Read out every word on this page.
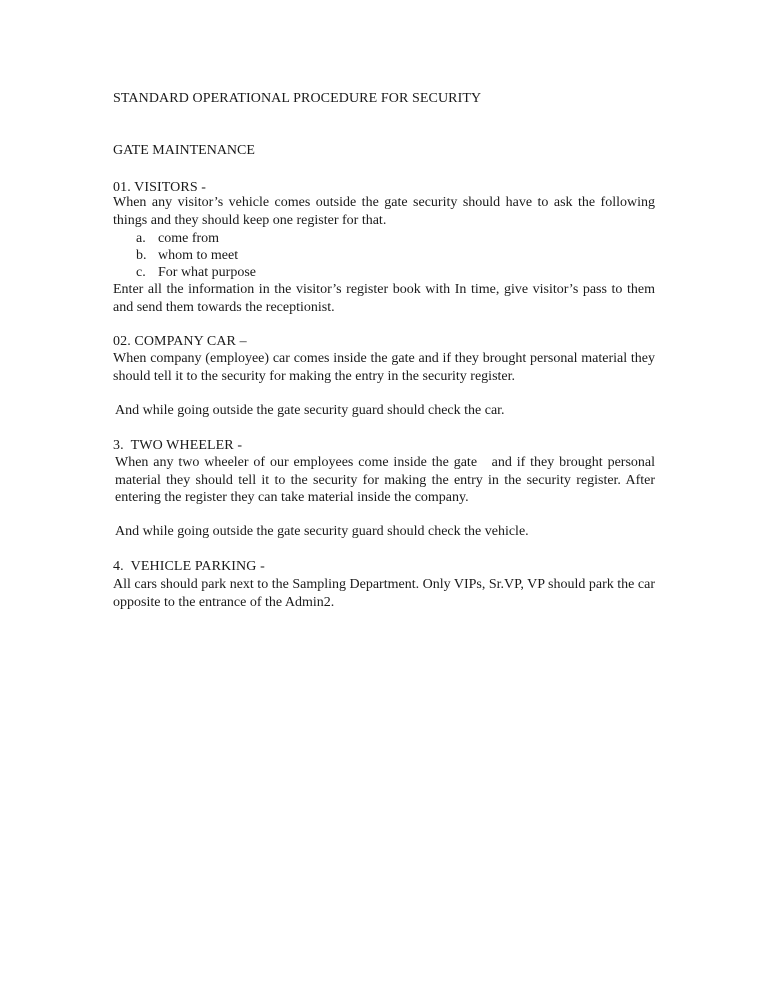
STANDARD OPERATIONAL PROCEDURE FOR SECURITY
GATE MAINTENANCE
01. VISITORS -
When any visitor’s vehicle comes outside the gate security should have to ask the following things and they should keep one register for that.
a. come from
b. whom to meet
c. For what purpose
Enter all the information in the visitor’s register book with In time, give visitor’s pass to them and send them towards the receptionist.
02. COMPANY CAR –
When company (employee) car comes inside the gate and if they brought personal material they should tell it to the security for making the entry in the security register.
And while going outside the gate security guard should check the car.
3.  TWO WHEELER -
When any two wheeler of our employees come inside the gate   and if they brought personal material they should tell it to the security for making the entry in the security register. After entering the register they can take material inside the company.
And while going outside the gate security guard should check the vehicle.
4.  VEHICLE PARKING -
All cars should park next to the Sampling Department. Only VIPs, Sr.VP, VP should park the car opposite to the entrance of the Admin2.
